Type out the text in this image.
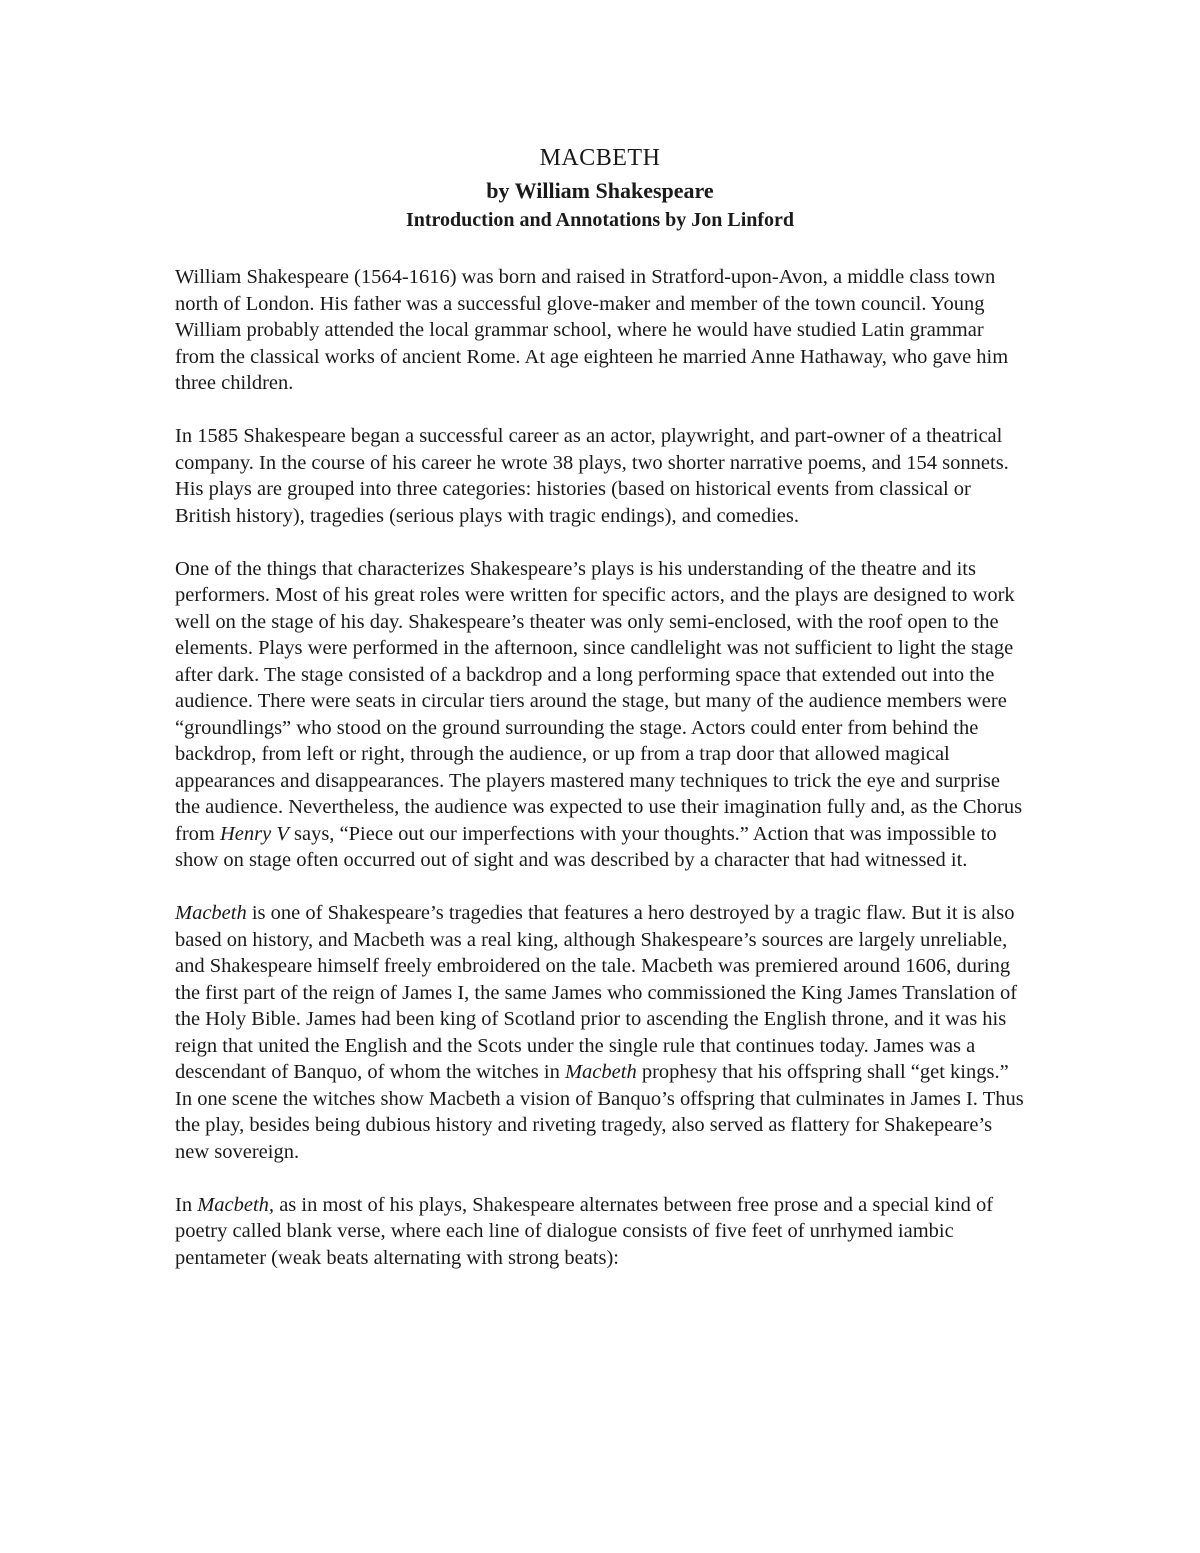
MACBETH

by William Shakespeare

Introduction and Annotations by Jon Linford

William Shakespeare (1564-1616) was born and raised in Stratford-upon-Avon, a middle class town north of London. His father was a successful glove-maker and member of the town council. Young William probably attended the local grammar school, where he would have studied Latin grammar from the classical works of ancient Rome. At age eighteen he married Anne Hathaway, who gave him three children.

In 1585 Shakespeare began a successful career as an actor, playwright, and part-owner of a theatrical company. In the course of his career he wrote 38 plays, two shorter narrative poems, and 154 sonnets. His plays are grouped into three categories: histories (based on historical events from classical or British history), tragedies (serious plays with tragic endings), and comedies.

One of the things that characterizes Shakespeare’s plays is his understanding of the theatre and its performers. Most of his great roles were written for specific actors, and the plays are designed to work well on the stage of his day. Shakespeare’s theater was only semi-enclosed, with the roof open to the elements. Plays were performed in the afternoon, since candlelight was not sufficient to light the stage after dark. The stage consisted of a backdrop and a long performing space that extended out into the audience. There were seats in circular tiers around the stage, but many of the audience members were “groundlings” who stood on the ground surrounding the stage. Actors could enter from behind the backdrop, from left or right, through the audience, or up from a trap door that allowed magical appearances and disappearances. The players mastered many techniques to trick the eye and surprise the audience. Nevertheless, the audience was expected to use their imagination fully and, as the Chorus from Henry V says, “Piece out our imperfections with your thoughts.” Action that was impossible to show on stage often occurred out of sight and was described by a character that had witnessed it.

Macbeth is one of Shakespeare’s tragedies that features a hero destroyed by a tragic flaw. But it is also based on history, and Macbeth was a real king, although Shakespeare’s sources are largely unreliable, and Shakespeare himself freely embroidered on the tale. Macbeth was premiered around 1606, during the first part of the reign of James I, the same James who commissioned the King James Translation of the Holy Bible. James had been king of Scotland prior to ascending the English throne, and it was his reign that united the English and the Scots under the single rule that continues today. James was a descendant of Banquo, of whom the witches in Macbeth prophesy that his offspring shall “get kings.” In one scene the witches show Macbeth a vision of Banquo’s offspring that culminates in James I. Thus the play, besides being dubious history and riveting tragedy, also served as flattery for Shakepeare’s new sovereign.

In Macbeth, as in most of his plays, Shakespeare alternates between free prose and a special kind of poetry called blank verse, where each line of dialogue consists of five feet of unrhymed iambic pentameter (weak beats alternating with strong beats):
